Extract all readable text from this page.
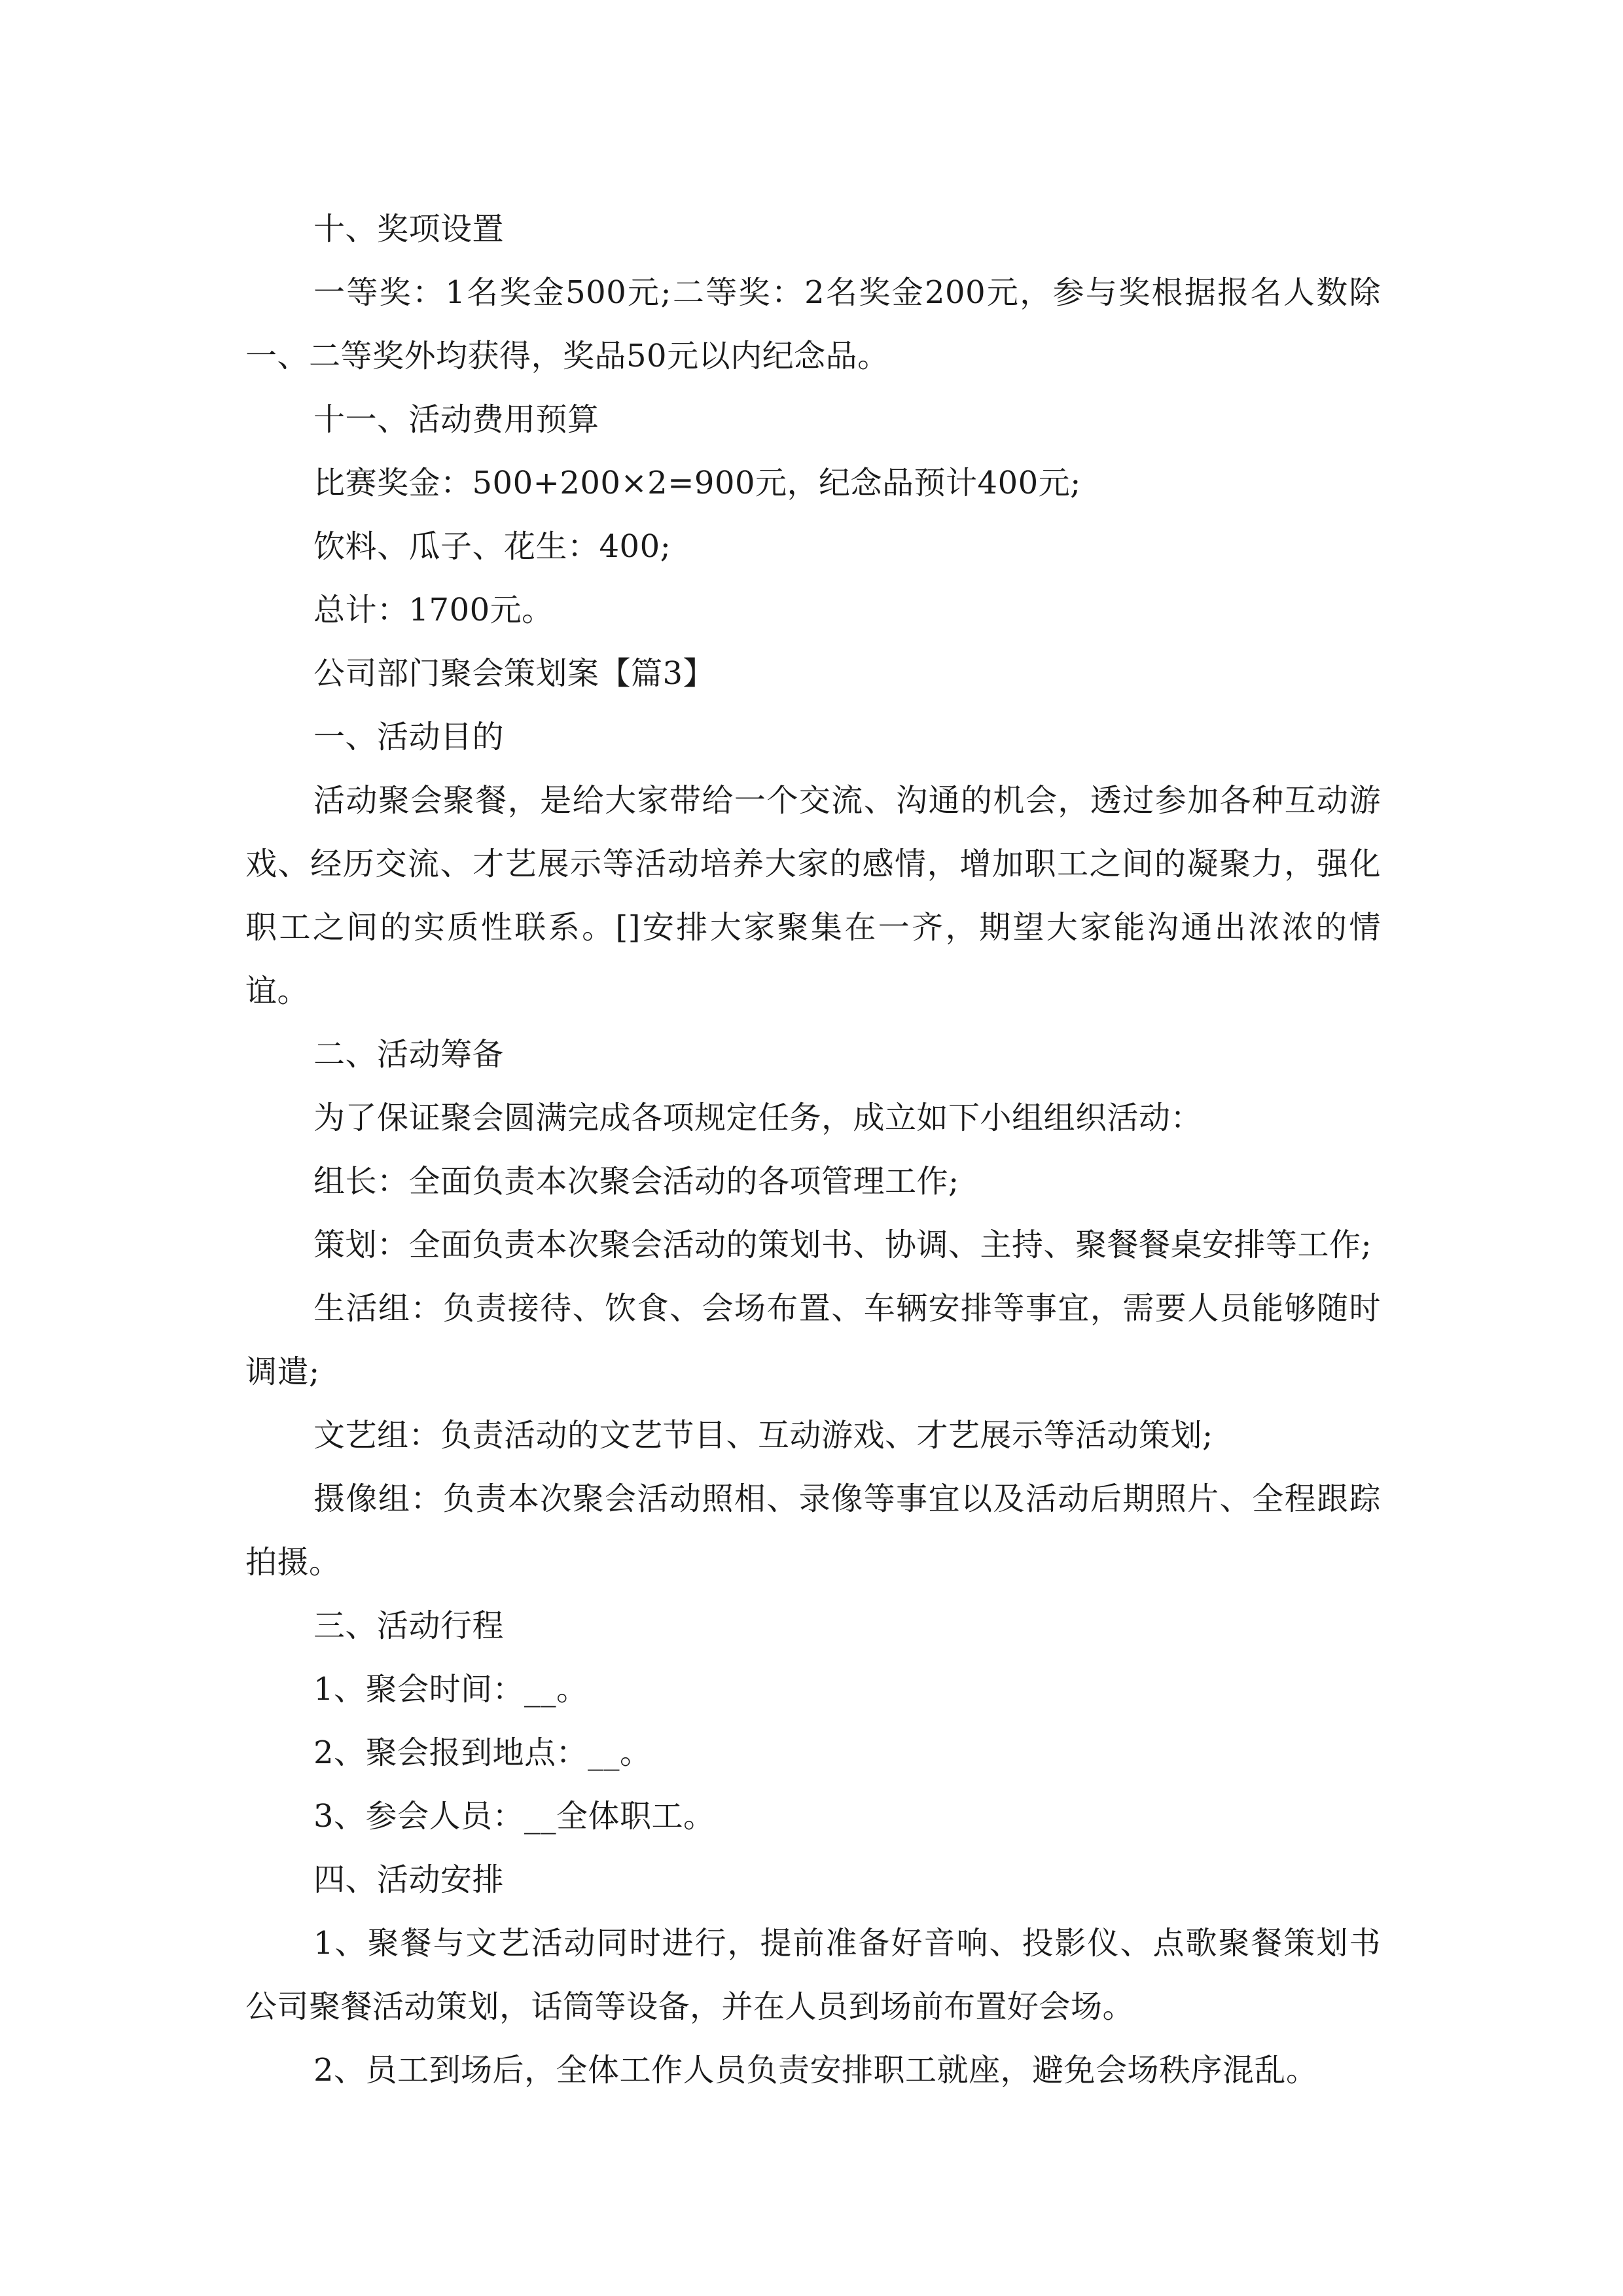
十、奖项设置

一等奖：1名奖金500元;二等奖：2名奖金200元，参与奖根据报名人数除一、二等奖外均获得，奖品50元以内纪念品。

十一、活动费用预算

比赛奖金：500+200×2=900元，纪念品预计400元;

饮料、瓜子、花生：400;

总计：1700元。

公司部门聚会策划案【篇3】

一、活动目的

活动聚会聚餐，是给大家带给一个交流、沟通的机会，透过参加各种互动游戏、经历交流、才艺展示等活动培养大家的感情，增加职工之间的凝聚力，强化职工之间的实质性联系。[]安排大家聚集在一齐，期望大家能沟通出浓浓的情谊。

二、活动筹备

为了保证聚会圆满完成各项规定任务，成立如下小组组织活动：

组长：全面负责本次聚会活动的各项管理工作;

策划：全面负责本次聚会活动的策划书、协调、主持、聚餐餐桌安排等工作;

生活组：负责接待、饮食、会场布置、车辆安排等事宜，需要人员能够随时调遣;

文艺组：负责活动的文艺节目、互动游戏、才艺展示等活动策划;

摄像组：负责本次聚会活动照相、录像等事宜以及活动后期照片、全程跟踪拍摄。

三、活动行程

1、聚会时间：__。

2、聚会报到地点：__。

3、参会人员：__全体职工。

四、活动安排

1、聚餐与文艺活动同时进行，提前准备好音响、投影仪、点歌聚餐策划书公司聚餐活动策划，话筒等设备，并在人员到场前布置好会场。

2、员工到场后，全体工作人员负责安排职工就座，避免会场秩序混乱。
